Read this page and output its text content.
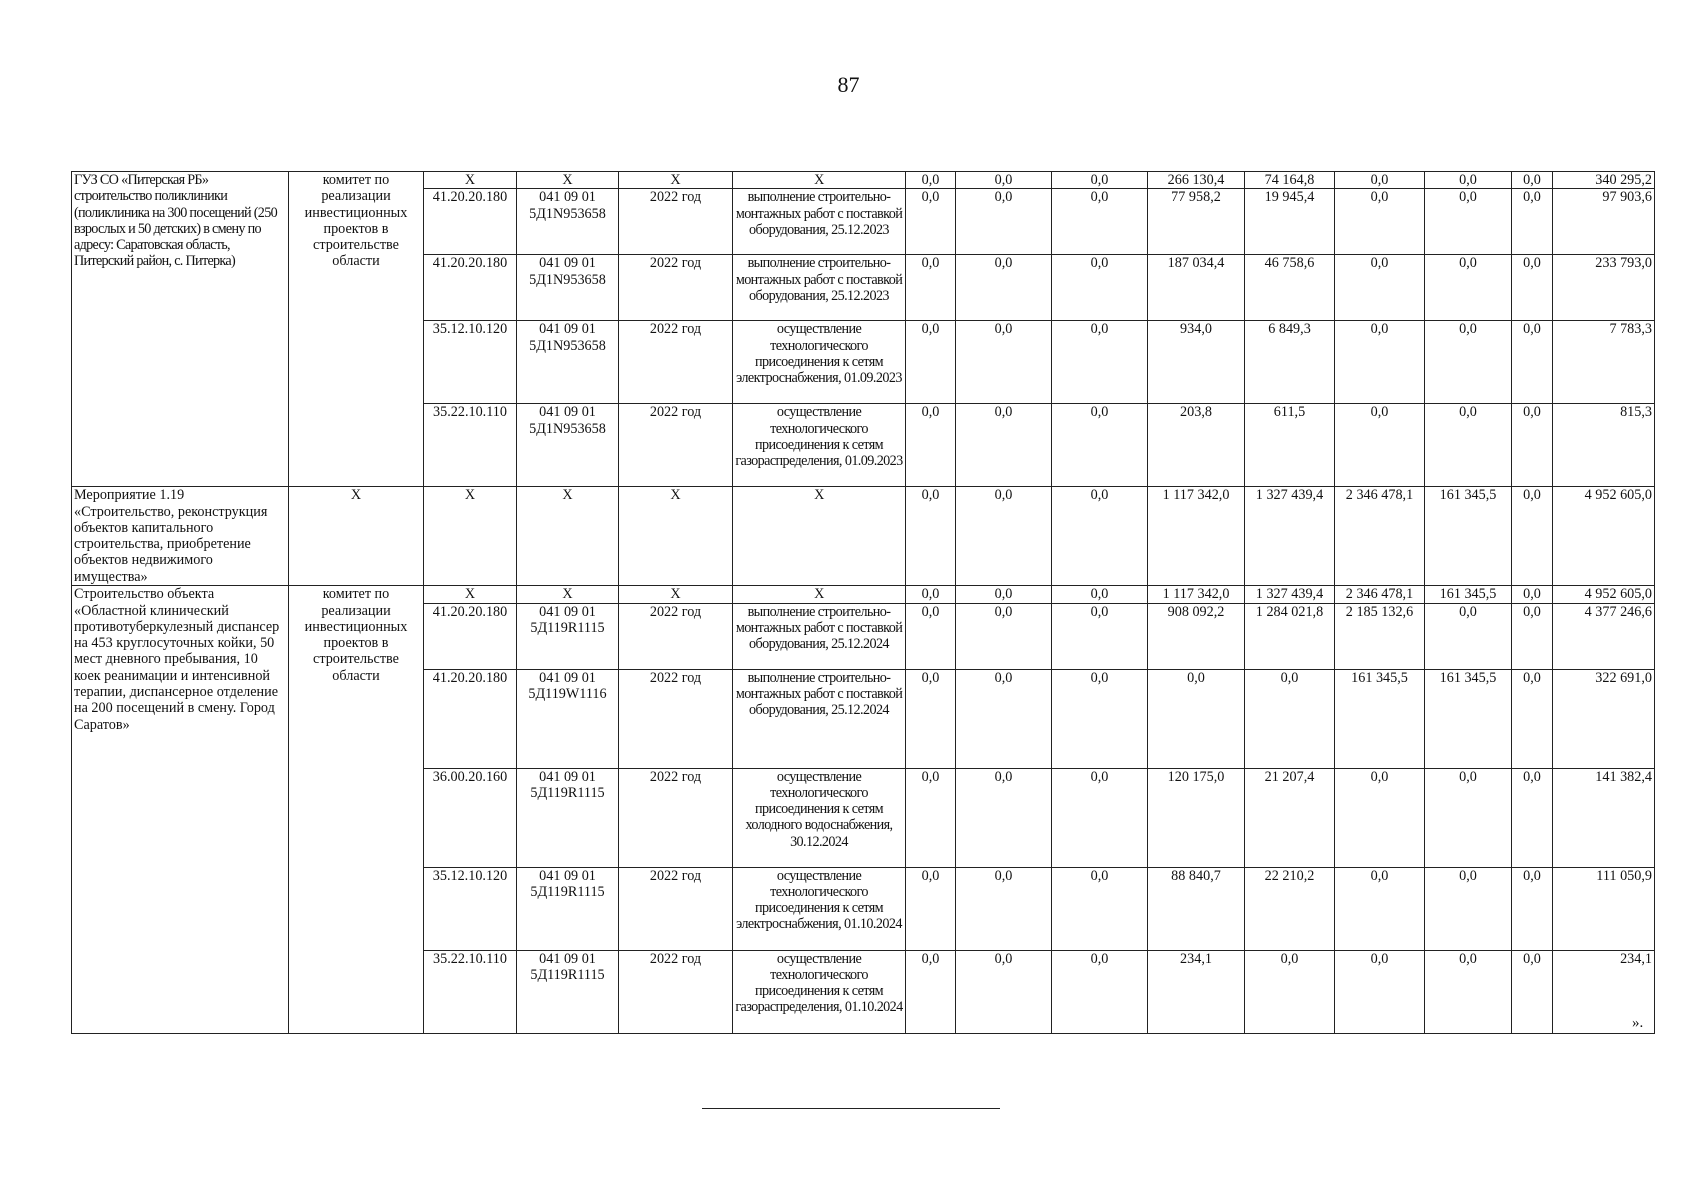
87
ГУЗ СО «Питерская РБ» строительство поликлиники (поликлиника на 300 посещений (250 взрослых и 50 детских) в смену по адресу: Саратовская область, Питерский район, с. Питерка)	комитет по реализации инвестиционных проектов в строительстве области	Х	Х	Х	Х	0,0	0,0	0,0	266 130,4	74 164,8	0,0	0,0	0,0	340 295,2
		41.20.20.180	041 09 01 5Д1N953658	2022 год	выполнение строительно-монтажных работ с поставкой оборудования, 25.12.2023	0,0	0,0	0,0	77 958,2	19 945,4	0,0	0,0	0,0	97 903,6
		41.20.20.180	041 09 01 5Д1N953658	2022 год	выполнение строительно-монтажных работ с поставкой оборудования, 25.12.2023	0,0	0,0	0,0	187 034,4	46 758,6	0,0	0,0	0,0	233 793,0
		35.12.10.120	041 09 01 5Д1N953658	2022 год	осуществление технологического присоединения к сетям электроснабжения, 01.09.2023	0,0	0,0	0,0	934,0	6 849,3	0,0	0,0	0,0	7 783,3
		35.22.10.110	041 09 01 5Д1N953658	2022 год	осуществление технологического присоединения к сетям газораспределения, 01.09.2023	0,0	0,0	0,0	203,8	611,5	0,0	0,0	0,0	815,3
Мероприятие 1.19 «Строительство, реконструкция объектов капитального строительства, приобретение объектов недвижимого имущества»	Х	Х	Х	Х	Х	0,0	0,0	0,0	1 117 342,0	1 327 439,4	2 346 478,1	161 345,5	0,0	4 952 605,0
Строительство объекта «Областной клинический противотуберкулезный диспансер на 453 круглосуточных койки, 50 мест дневного пребывания, 10 коек реанимации и интенсивной терапии, диспансерное отделение на 200 посещений в смену. Город Саратов»	комитет по реализации инвестиционных проектов в строительстве области	Х	Х	Х	Х	0,0	0,0	0,0	1 117 342,0	1 327 439,4	2 346 478,1	161 345,5	0,0	4 952 605,0
		41.20.20.180	041 09 01 5Д119R1115	2022 год	выполнение строительно-монтажных работ с поставкой оборудования, 25.12.2024	0,0	0,0	0,0	908 092,2	1 284 021,8	2 185 132,6	0,0	0,0	4 377 246,6
		41.20.20.180	041 09 01 5Д119W1116	2022 год	выполнение строительно-монтажных работ с поставкой оборудования, 25.12.2024	0,0	0,0	0,0	0,0	0,0	161 345,5	161 345,5	0,0	322 691,0
		36.00.20.160	041 09 01 5Д119R1115	2022 год	осуществление технологического присоединения к сетям холодного водоснабжения, 30.12.2024	0,0	0,0	0,0	120 175,0	21 207,4	0,0	0,0	0,0	141 382,4
		35.12.10.120	041 09 01 5Д119R1115	2022 год	осуществление технологического присоединения к сетям электроснабжения, 01.10.2024	0,0	0,0	0,0	88 840,7	22 210,2	0,0	0,0	0,0	111 050,9
		35.22.10.110	041 09 01 5Д119R1115	2022 год	осуществление технологического присоединения к сетям газораспределения, 01.10.2024	0,0	0,0	0,0	234,1	0,0	0,0	0,0	0,0	234,1
».
